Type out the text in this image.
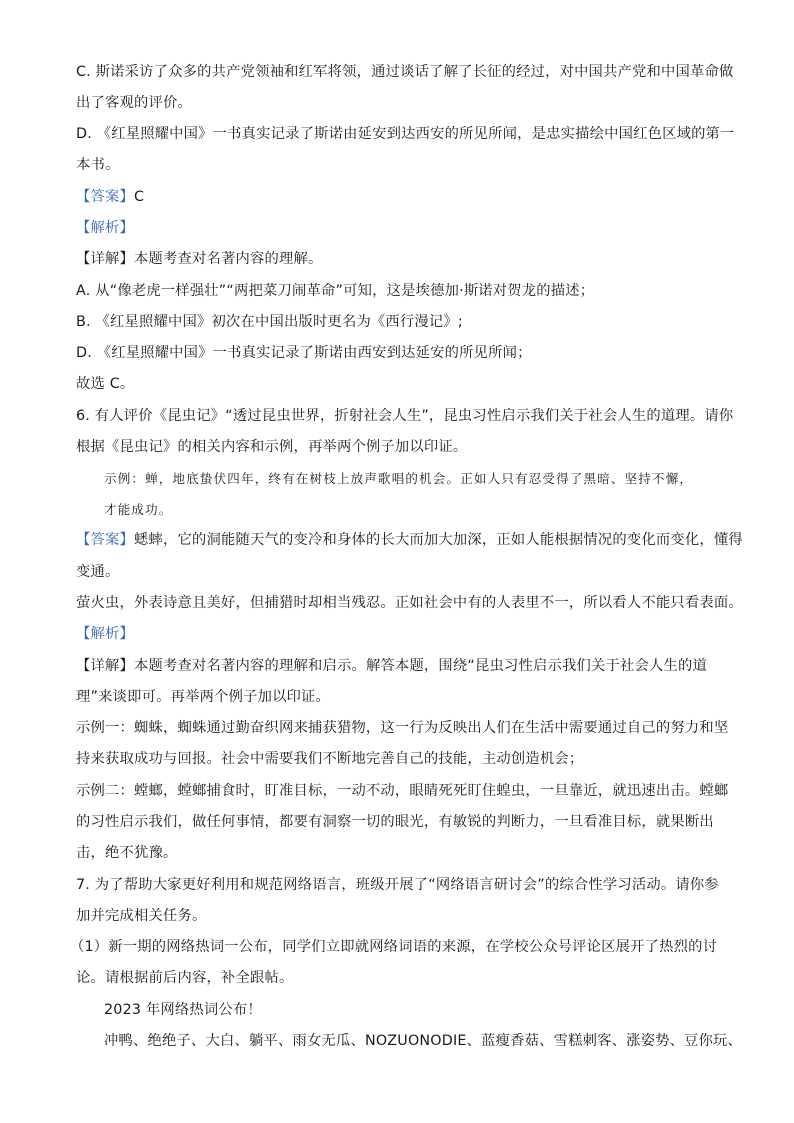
C. 斯诺采访了众多的共产党领袖和红军将领，通过谈话了解了长征的经过，对中国共产党和中国革命做
出了客观的评价。
D. 《红星照耀中国》一书真实记录了斯诺由延安到达西安的所见所闻，是忠实描绘中国红色区域的第一
本书。
【答案】C
【解析】
【详解】本题考查对名著内容的理解。
A. 从“像老虎一样强壮”“两把菜刀闹革命”可知，这是埃德加·斯诺对贺龙的描述；
B. 《红星照耀中国》初次在中国出版时更名为《西行漫记》;
D. 《红星照耀中国》一书真实记录了斯诺由西安到达延安的所见所闻；
故选 C。
6. 有人评价《昆虫记》“透过昆虫世界，折射社会人生”，昆虫习性启示我们关于社会人生的道理。请你
根据《昆虫记》的相关内容和示例，再举两个例子加以印证。
示例：蝉，地底蛰伏四年，终有在树枝上放声歌唱的机会。正如人只有忍受得了黑暗、坚持不懈，
才能成功。
【答案】蟋蟀，它的洞能随天气的变冷和身体的长大而加大加深，正如人能根据情况的变化而变化，懂得
变通。
萤火虫，外表诗意且美好，但捕猎时却相当残忍。正如社会中有的人表里不一，所以看人不能只看表面。
【解析】
【详解】本题考查对名著内容的理解和启示。解答本题，围绕“昆虫习性启示我们关于社会人生的道
理”来谈即可。再举两个例子加以印证。
示例一：蜘蛛，蜘蛛通过勤奋织网来捕获猎物，这一行为反映出人们在生活中需要通过自己的努力和坚
持来获取成功与回报。社会中需要我们不断地完善自己的技能，主动创造机会；
示例二：螳螂，螳螂捕食时，盯准目标，一动不动，眼睛死死盯住蝗虫，一旦靠近，就迅速出击。螳螂
的习性启示我们，做任何事情，都要有洞察一切的眼光，有敏锐的判断力，一旦看准目标，就果断出
击，绝不犹豫。
7. 为了帮助大家更好利用和规范网络语言，班级开展了“网络语言研讨会”的综合性学习活动。请你参
加并完成相关任务。
（1）新一期的网络热词一公布，同学们立即就网络词语的来源，在学校公众号评论区展开了热烈的讨
论。请根据前后内容，补全跟帖。
2023 年网络热词公布！
冲鸭、绝绝子、大白、躺平、雨女无瓜、NOZUONODIE、蓝瘦香菇、雪糕刺客、涨姿势、豆你玩、
